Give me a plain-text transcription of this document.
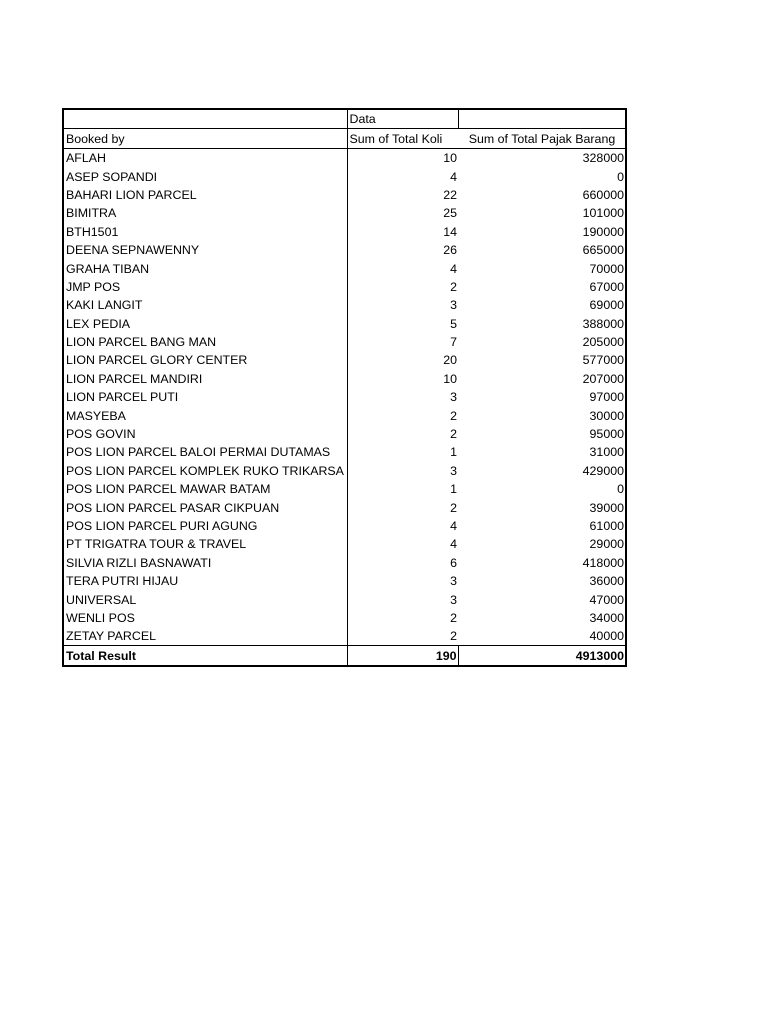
	Data	
Booked by	Sum of Total Koli	Sum of Total Pajak Barang
AFLAH	10	328000
ASEP SOPANDI	4	0
BAHARI LION PARCEL	22	660000
BIMITRA	25	101000
BTH1501	14	190000
DEENA SEPNAWENNY	26	665000
GRAHA TIBAN	4	70000
JMP POS	2	67000
KAKI LANGIT	3	69000
LEX PEDIA	5	388000
LION PARCEL BANG MAN	7	205000
LION PARCEL GLORY CENTER	20	577000
LION PARCEL MANDIRI	10	207000
LION PARCEL PUTI	3	97000
MASYEBA	2	30000
POS GOVIN	2	95000
POS LION PARCEL BALOI PERMAI DUTAMAS	1	31000
POS LION PARCEL KOMPLEK RUKO TRIKARSA	3	429000
POS LION PARCEL MAWAR BATAM	1	0
POS LION PARCEL PASAR CIKPUAN	2	39000
POS LION PARCEL PURI AGUNG	4	61000
PT TRIGATRA TOUR & TRAVEL	4	29000
SILVIA RIZLI BASNAWATI	6	418000
TERA PUTRI HIJAU	3	36000
UNIVERSAL	3	47000
WENLI POS	2	34000
ZETAY PARCEL	2	40000
Total Result	190	4913000
